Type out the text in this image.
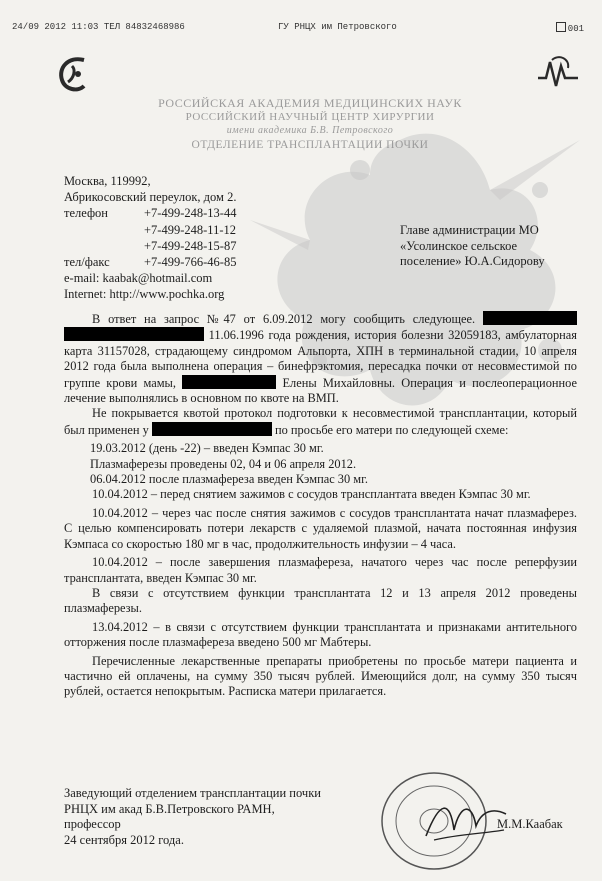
24/09 2012 11:03 ТЕЛ 84832468986	ГУ РНЦХ им Петровского	001
РОССИЙСКАЯ АКАДЕМИЯ МЕДИЦИНСКИХ НАУК
РОССИЙСКИЙ НАУЧНЫЙ ЦЕНТР ХИРУРГИИ
имени академика Б.В. Петровского
ОТДЕЛЕНИЕ ТРАНСПЛАНТАЦИИ ПОЧКИ
Москва, 119992,
Абрикосовский переулок, дом 2.
телефон	+7-499-248-13-44
+7-499-248-11-12
+7-499-248-15-87
тел/факс	+7-499-766-46-85
e-mail: kaabak@hotmail.com
Internet: http://www.pochka.org
Главе администрации МО
«Усолинское сельское
поселение» Ю.А.Сидорову

В ответ на запрос №47 от 6.09.2012 могу сообщить следующее.   11.06.1996 года рождения, история болезни 32059183, амбулаторная карта 31157028, страдающему синдромом Альпорта, ХПН в терминальной стадии, 10 апреля 2012 года была выполнена операция – бинефрэктомия, пересадка почки от несовместимой по группе крови мамы,	Елены Михайловны. Операция и послеоперационное лечение выполнялись в основном по квоте на ВМП.

Не покрывается квотой протокол подготовки к несовместимой трансплантации, который был применен у	по просьбе его матери по следующей схеме:

19.03.2012 (день -22) – введен Кэмпас 30 мг.

Плазмаферезы проведены 02, 04 и 06 апреля 2012.

06.04.2012 после плазмафереза введен Кэмпас 30 мг.

10.04.2012 – перед снятием зажимов с сосудов трансплантата введен Кэмпас 30 мг.

10.04.2012 – через час после снятия зажимов с сосудов трансплантата начат плазмаферез. С целью компенсировать потери лекарств с удаляемой плазмой, начата постоянная инфузия Кэмпаса со скоростью 180 мг в час, продолжительность инфузии – 4 часа.

10.04.2012 – после завершения плазмафереза, начатого через час после реперфузии трансплантата, введен Кэмпас 30 мг.

В связи с отсутствием функции трансплантата 12 и 13 апреля 2012 проведены плазмаферезы.

13.04.2012 – в связи с отсутствием функции трансплантата и признаками антительного отторжения после плазмафереза введено 500 мг Мабтеры.

Перечисленные лекарственные препараты приобретены по просьбе матери пациента и частично ей оплачены, на сумму 350 тысяч рублей. Имеющийся долг, на сумму 350 тысяч рублей, остается непокрытым. Расписка матери прилагается.

Заведующий отделением трансплантации почки
РНЦХ им акад Б.В.Петровского РАМН,
профессор
24 сентября 2012 года.
М.М.Каабак
